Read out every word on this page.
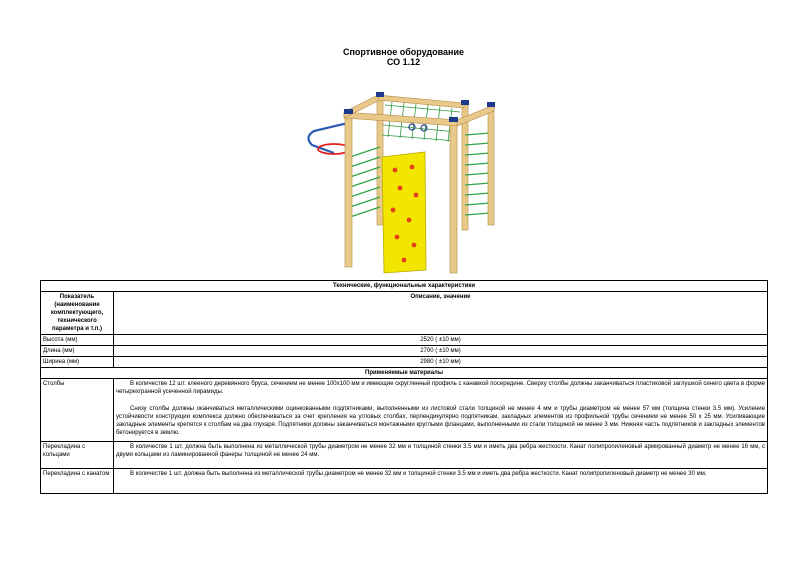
Спортивное оборудование
СО 1.12
Технические, функциональные характеристики	
Показатель (наименование комплектующего, технического параметра и т.п.)	Описание, значение
Высота (мм)	2520 ( ±10 мм)
Длина (мм)	2700 ( ±10 мм)
Ширина (мм)	2980 ( ±10 мм)
Применяемые материалы	
Столбы	В количестве 12 шт. клееного деревянного бруса, сечением не менее 100х100 мм и имеющие скругленный профиль с канавкой посередине. Сверху столбы должны заканчиваться пластиковой заглушкой синего цвета в форме четырехгранной усеченной пирамиды.

Снизу столбы должны оканчиваться металлическими оцинкованными подпятниками, выполненными из листовой стали толщиной не менее 4 мм и трубы диаметром не менее 57 мм (толщина стенки 3.5 мм). Усиление устойчивости конструкции комплекса должно обеспечиваться за счет крепления на угловых столбах, перпендикулярно подпятникам, закладных элементов из профильной трубы сечением не менее 50 х 25 мм. Усиливающие закладные элементы крепятся к столбам на два глухаря. Подпятники должны заканчиваться монтажными круглыми фланцами, выполненными из стали толщиной не менее 3 мм. Нижняя часть подпятников и закладных элементов бетонируется в землю.

Перекладина с кольцами	В количестве 1 шт. должна быть выполнена из металлической трубы диаметром не менее 32 мм и толщиной стенки 3.5 мм и иметь два ребра жесткости. Канат полипропиленовый армированный диаметр не менее 16 мм, с двумя кольцами из ламинированной фанеры толщиной не менее 24 мм.

Перекладина с канатом	В количестве 1 шт. должна быть выполнена из металлической трубы диаметром не менее 32 мм и толщиной стенки 3.5 мм и иметь два ребра жесткости. Канат полипропиленовый диаметр не менее 30 мм.
